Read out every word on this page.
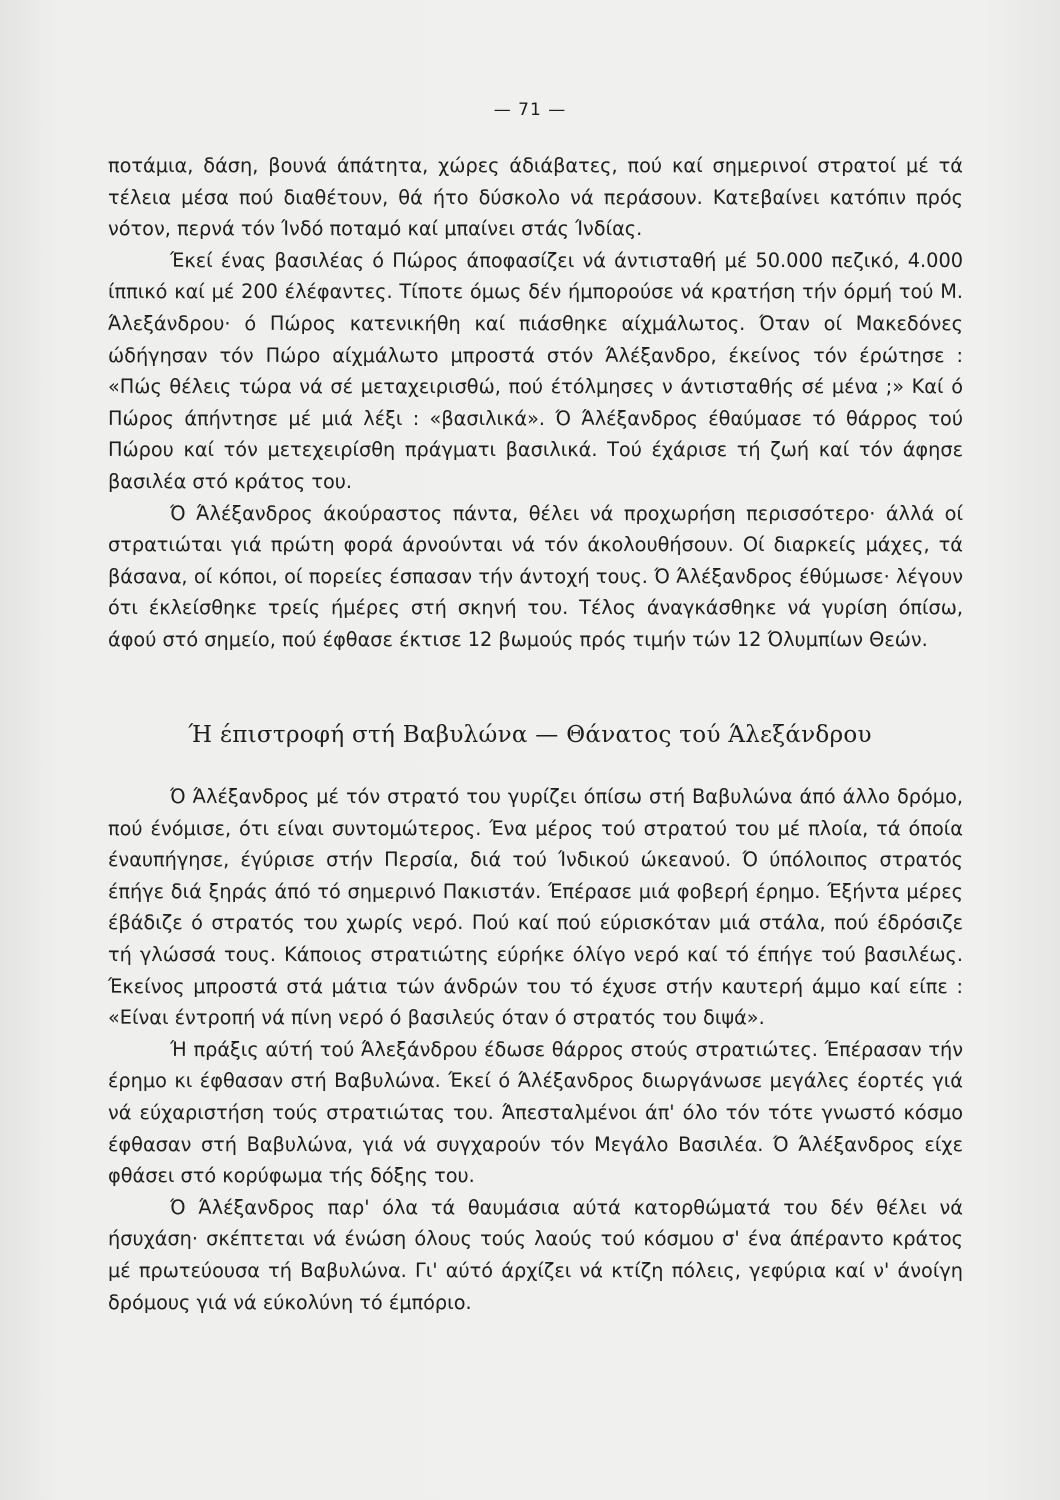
— 71 —

ποτάμια, δάση, βουνά άπάτητα, χώρες άδιάβατες, πού καί σημερινοί στρατοί μέ τά τέλεια μέσα πού διαθέτουν, θά ήτο δύσκολο νά περάσουν. Κατεβαίνει κατόπιν πρός νότον, περνά τόν Ίνδό ποταμό καί μπαίνει στάς Ίνδίας.

Έκεί ένας βασιλέας ό Πώρος άποφασίζει νά άντισταθή μέ 50.000 πεζικό, 4.000 ίππικό καί μέ 200 έλέφαντες. Τίποτε όμως δέν ήμπορούσε νά κρατήση τήν όρμή τού Μ. Άλεξάνδρου· ό Πώρος κατενικήθη καί πιάσθηκε αίχμάλωτος. Όταν οί Μακεδόνες ώδήγησαν τόν Πώρο αίχμάλωτο μπροστά στόν Άλέξανδρο, έκείνος τόν έρώτησε : «Πώς θέλεις τώρα νά σέ μεταχειρισθώ, πού έτόλμησες ν άντισταθής σέ μένα ;» Καί ό Πώρος άπήντησε μέ μιά λέξι : «βασιλικά». Ό Άλέξανδρος έθαύμασε τό θάρρος τού Πώρου καί τόν μετεχειρίσθη πράγματι βασιλικά. Τού έχάρισε τή ζωή καί τόν άφησε βασιλέα στό κράτος του.

Ό Άλέξανδρος άκούραστος πάντα, θέλει νά προχωρήση περισσότερο· άλλά οί στρατιώται γιά πρώτη φορά άρνούνται νά τόν άκολουθήσουν. Οί διαρκείς μάχες, τά βάσανα, οί κόποι, οί πορείες έσπασαν τήν άντοχή τους. Ό Άλέξανδρος έθύμωσε· λέγουν ότι έκλείσθηκε τρείς ήμέρες στή σκηνή του. Τέλος άναγκάσθηκε νά γυρίση όπίσω, άφού στό σημείο, πού έφθασε έκτισε 12 βωμούς πρός τιμήν τών 12 Όλυμπίων Θεών.

Ή έπιστροφή στή Βαβυλώνα — Θάνατος τού Άλεξάνδρου

Ό Άλέξανδρος μέ τόν στρατό του γυρίζει όπίσω στή Βαβυλώνα άπό άλλο δρόμο, πού ένόμισε, ότι είναι συντομώτερος. Ένα μέρος τού στρατού του μέ πλοία, τά όποία έναυπήγησε, έγύρισε στήν Περσία, διά τού Ίνδικού ώκεανού. Ό ύπόλοιπος στρατός έπήγε διά ξηράς άπό τό σημερινό Πακιστάν. Έπέρασε μιά φοβερή έρημο. Έξήντα μέρες έβάδιζε ό στρατός του χωρίς νερό. Πού καί πού εύρισκόταν μιά στάλα, πού έδρόσιζε τή γλώσσά τους. Κάποιος στρατιώτης εύρήκε όλίγο νερό καί τό έπήγε τού βασιλέως. Έκείνος μπροστά στά μάτια τών άνδρών του τό έχυσε στήν καυτερή άμμο καί είπε : «Είναι έντροπή νά πίνη νερό ό βασιλεύς όταν ό στρατός του διψά».

Ή πράξις αύτή τού Άλεξάνδρου έδωσε θάρρος στούς στρατιώτες. Έπέρασαν τήν έρημο κι έφθασαν στή Βαβυλώνα. Έκεί ό Άλέξανδρος διωργάνωσε μεγάλες έορτές γιά νά εύχαριστήση τούς στρατιώτας του. Άπεσταλμένοι άπ' όλο τόν τότε γνωστό κόσμο έφθασαν στή Βαβυλώνα, γιά νά συγχαρούν τόν Μεγάλο Βασιλέα. Ό Άλέξανδρος είχε φθάσει στό κορύφωμα τής δόξης του.

Ό Άλέξανδρος παρ' όλα τά θαυμάσια αύτά κατορθώματά του δέν θέλει νά ήσυχάση· σκέπτεται νά ένώση όλους τούς λαούς τού κόσμου σ' ένα άπέραντο κράτος μέ πρωτεύουσα τή Βαβυλώνα. Γι' αύτό άρχίζει νά κτίζη πόλεις, γεφύρια καί ν' άνοίγη δρόμους γιά νά εύκολύνη τό έμπόριο.
